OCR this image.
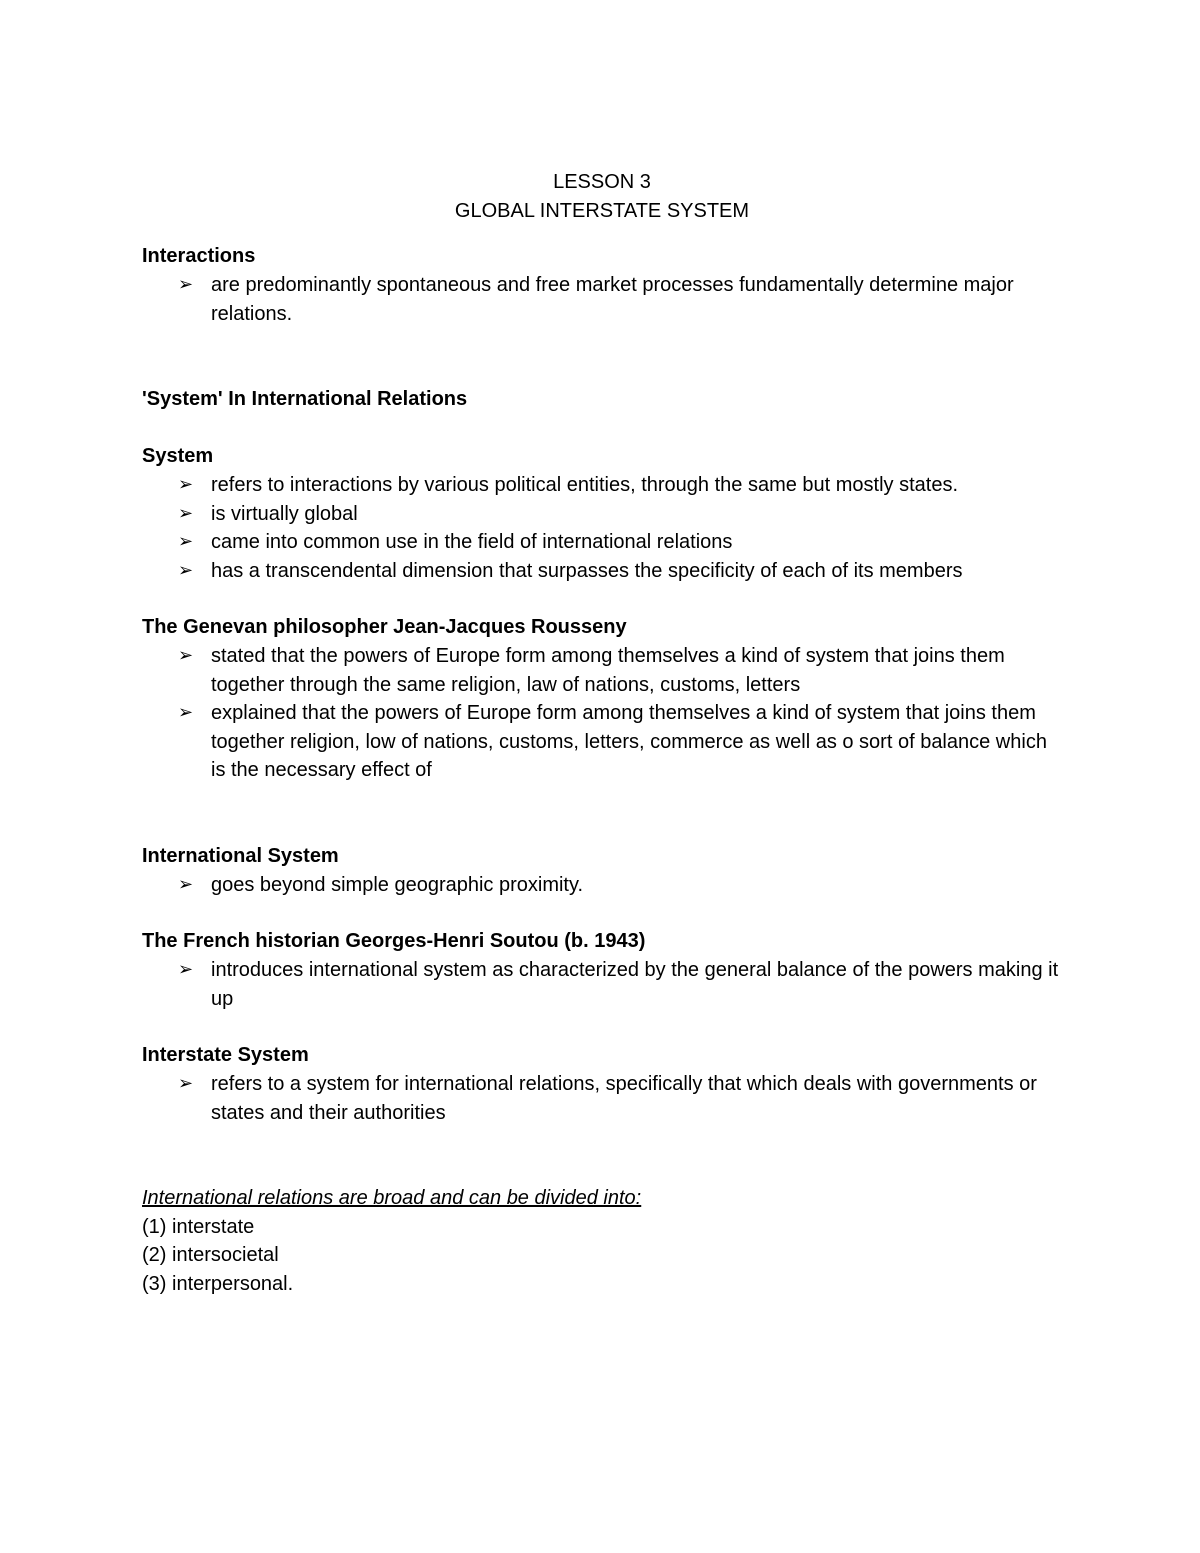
LESSON 3

GLOBAL INTERSTATE SYSTEM

Interactions

➢ are predominantly spontaneous and free market processes fundamentally determine major relations.

'System' In International Relations

System

➢ refers to interactions by various political entities, through the same but mostly states.
➢ is virtually global
➢ came into common use in the field of international relations
➢ has a transcendental dimension that surpasses the specificity of each of its members

The Genevan philosopher Jean-Jacques Rousseny

➢ stated that the powers of Europe form among themselves a kind of system that joins them together through the same religion, law of nations, customs, letters
➢ explained that the powers of Europe form among themselves a kind of system that joins them together religion, low of nations, customs, letters, commerce as well as o sort of balance which is the necessary effect of

International System

➢ goes beyond simple geographic proximity.

The French historian Georges-Henri Soutou (b. 1943)

➢ introduces international system as characterized by the general balance of the powers making it up

Interstate System

➢ refers to a system for international relations, specifically that which deals with governments or states and their authorities

International relations are broad and can be divided into:

(1) interstate

(2) intersocietal

(3) interpersonal.
